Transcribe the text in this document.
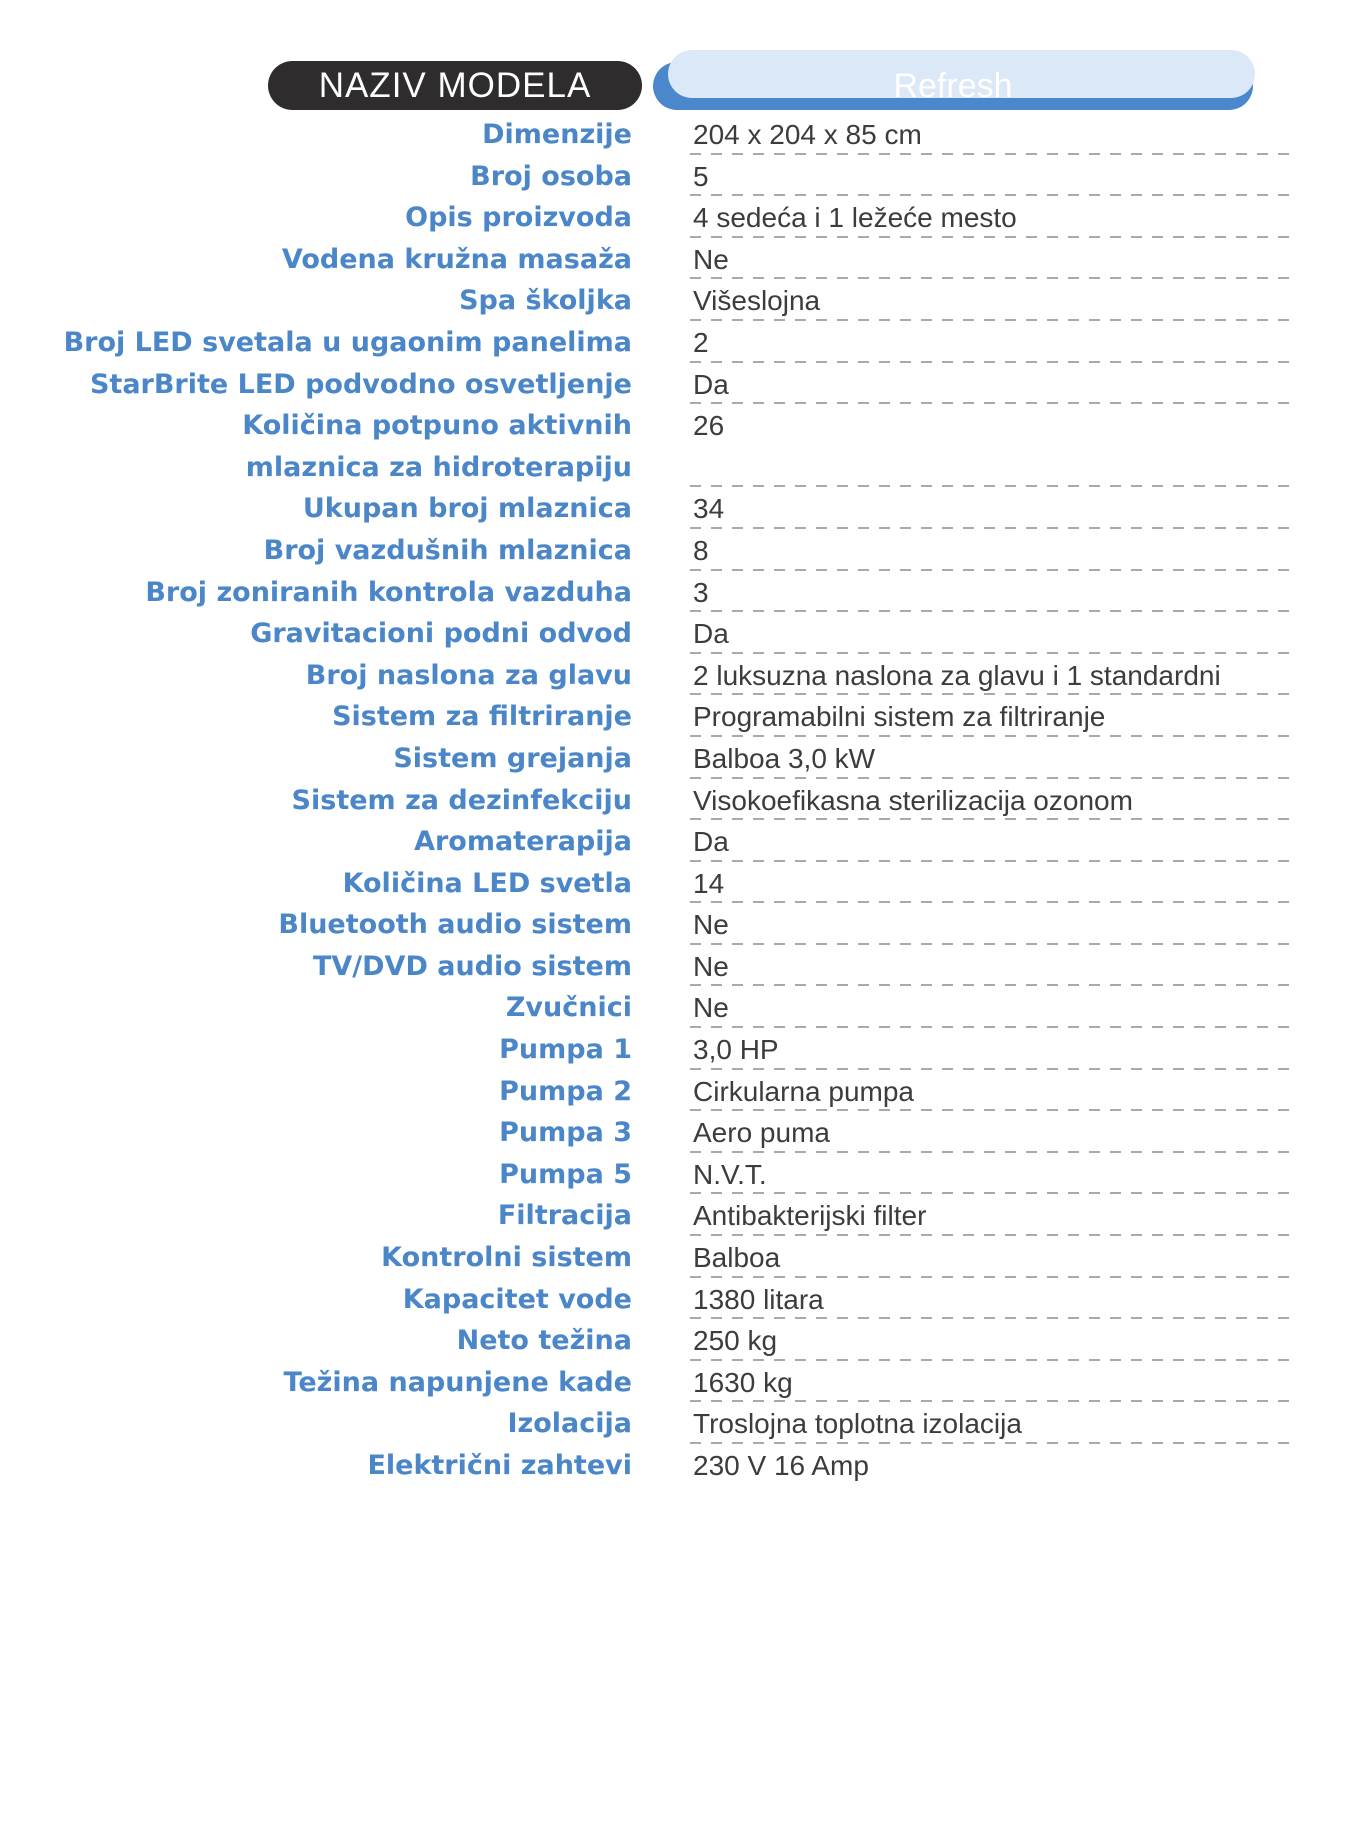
NAZIV MODELA	Refresh
Dimenzije 204 x 204 x 85 cm
Broj osoba 5
Opis proizvoda 4 sedeća i 1 ležeće mesto
Vodena kružna masaža Ne
Spa školjka Višeslojna
Broj LED svetala u ugaonim panelima 2
StarBrite LED podvodno osvetljenje Da
Količina potpuno aktivnih
mlaznica za hidroterapiju
26
Ukupan broj mlaznica 34
Broj vazdušnih mlaznica 8
Broj zoniranih kontrola vazduha 3
Gravitacioni podni odvod Da
Broj naslona za glavu 2 luksuzna naslona za glavu i 1 standardni
Sistem za filtriranje Programabilni sistem za filtriranje
Sistem grejanja Balboa 3,0 kW
Sistem za dezinfekciju Visokoefikasna sterilizacija ozonom
Aromaterapija Da
Količina LED svetla 14
Bluetooth audio sistem Ne
TV/DVD audio sistem Ne
Zvučnici Ne
Pumpa 1 3,0 HP
Pumpa 2 Cirkularna pumpa
Pumpa 3 Aero puma
Pumpa 5 N.V.T.
Filtracija Antibakterijski filter
Kontrolni sistem Balboa
Kapacitet vode 1380 litara
Neto težina 250 kg
Težina napunjene kade 1630 kg
Izolacija Troslojna toplotna izolacija
Električni zahtevi 230 V 16 Amp
